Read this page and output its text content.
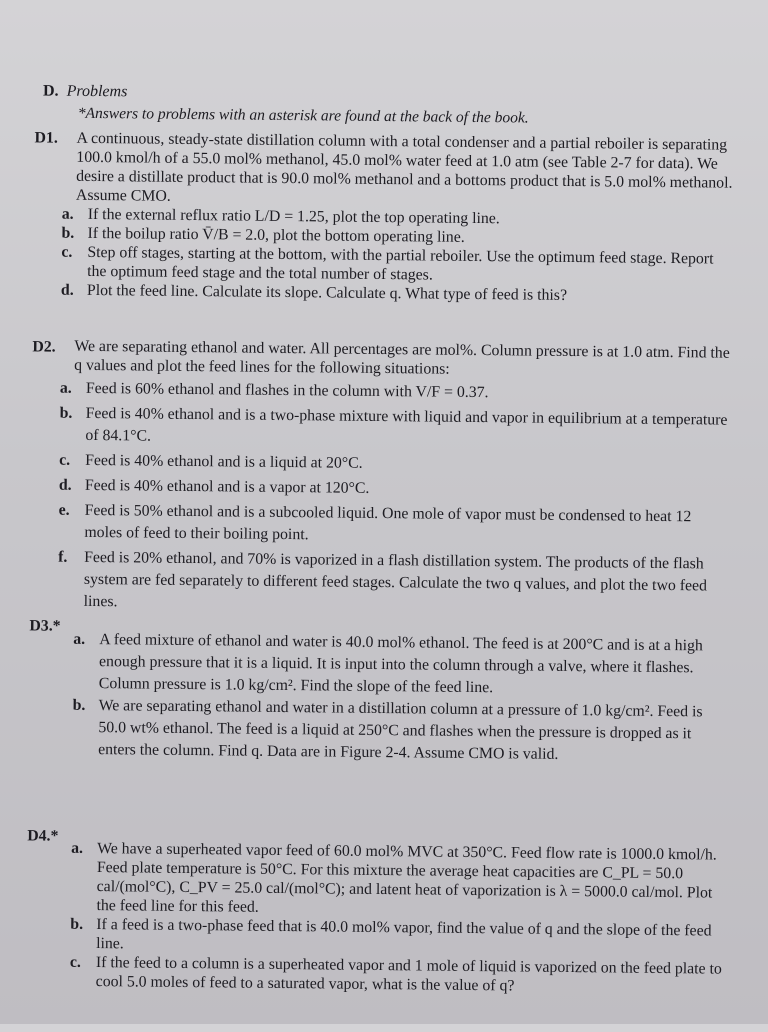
D. Problems
*Answers to problems with an asterisk are found at the back of the book.
D1. A continuous, steady-state distillation column with a total condenser and a partial reboiler is separating 100.0 kmol/h of a 55.0 mol% methanol, 45.0 mol% water feed at 1.0 atm (see Table 2-7 for data). We desire a distillate product that is 90.0 mol% methanol and a bottoms product that is 5.0 mol% methanol. Assume CMO.
a. If the external reflux ratio L/D = 1.25, plot the top operating line.
b. If the boilup ratio V̄/B = 2.0, plot the bottom operating line.
c. Step off stages, starting at the bottom, with the partial reboiler. Use the optimum feed stage. Report the optimum feed stage and the total number of stages.
d. Plot the feed line. Calculate its slope. Calculate q. What type of feed is this?
D2. We are separating ethanol and water. All percentages are mol%. Column pressure is at 1.0 atm. Find the q values and plot the feed lines for the following situations:
a. Feed is 60% ethanol and flashes in the column with V/F = 0.37.
b. Feed is 40% ethanol and is a two-phase mixture with liquid and vapor in equilibrium at a temperature of 84.1°C.
c. Feed is 40% ethanol and is a liquid at 20°C.
d. Feed is 40% ethanol and is a vapor at 120°C.
e. Feed is 50% ethanol and is a subcooled liquid. One mole of vapor must be condensed to heat 12 moles of feed to their boiling point.
f. Feed is 20% ethanol, and 70% is vaporized in a flash distillation system. The products of the flash system are fed separately to different feed stages. Calculate the two q values, and plot the two feed lines.
D3.*
a. A feed mixture of ethanol and water is 40.0 mol% ethanol. The feed is at 200°C and is at a high enough pressure that it is a liquid. It is input into the column through a valve, where it flashes. Column pressure is 1.0 kg/cm². Find the slope of the feed line.
b. We are separating ethanol and water in a distillation column at a pressure of 1.0 kg/cm². Feed is 50.0 wt% ethanol. The feed is a liquid at 250°C and flashes when the pressure is dropped as it enters the column. Find q. Data are in Figure 2-4. Assume CMO is valid.
D4.*
a. We have a superheated vapor feed of 60.0 mol% MVC at 350°C. Feed flow rate is 1000.0 kmol/h. Feed plate temperature is 50°C. For this mixture the average heat capacities are C_PL = 50.0 cal/(mol°C), C_PV = 25.0 cal/(mol°C); and latent heat of vaporization is λ = 5000.0 cal/mol. Plot the feed line for this feed.
b. If a feed is a two-phase feed that is 40.0 mol% vapor, find the value of q and the slope of the feed line.
c. If the feed to a column is a superheated vapor and 1 mole of liquid is vaporized on the feed plate to cool 5.0 moles of feed to a saturated vapor, what is the value of q?
